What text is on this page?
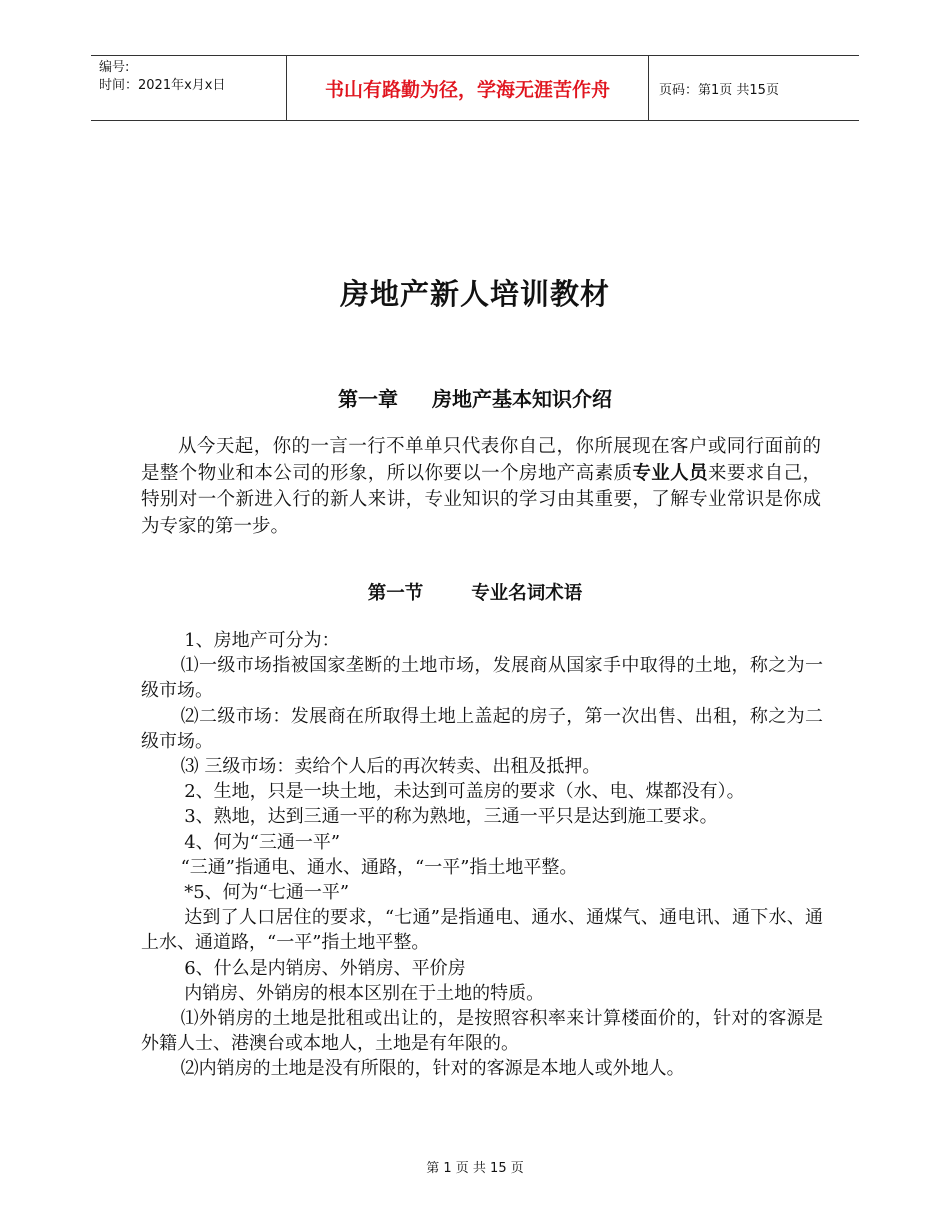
编号:
时间：2021年x月x日	书山有路勤为径，学海无涯苦作舟	页码：第1页 共15页
房地产新人培训教材
第一章 房地产基本知识介绍

从今天起，你的一言一行不单单只代表你自己，你所展现在客户或同行面前的是整个物业和本公司的形象，所以你要以一个房地产高素质专业人员来要求自己，特别对一个新进入行的新人来讲，专业知识的学习由其重要，了解专业常识是你成为专家的第一步。

第一节	专业名词术语

1、房地产可分为：

⑴一级市场指被国家垄断的土地市场，发展商从国家手中取得的土地，称之为一级市场。

⑵二级市场：发展商在所取得土地上盖起的房子，第一次出售、出租，称之为二级市场。

⑶ 三级市场：卖给个人后的再次转卖、出租及抵押。

2、生地，只是一块土地，未达到可盖房的要求（水、电、煤都没有）。

3、熟地，达到三通一平的称为熟地，三通一平只是达到施工要求。

4、何为“三通一平”

“三通”指通电、通水、通路，“一平”指土地平整。

*5、何为“七通一平”

达到了人口居住的要求，“七通”是指通电、通水、通煤气、通电讯、通下水、通上水、通道路，“一平”指土地平整。

6、什么是内销房、外销房、平价房

内销房、外销房的根本区别在于土地的特质。

⑴外销房的土地是批租或出让的，是按照容积率来计算楼面价的，针对的客源是外籍人士、港澳台或本地人，土地是有年限的。

⑵内销房的土地是没有所限的，针对的客源是本地人或外地人。

第 1 页 共 15 页
